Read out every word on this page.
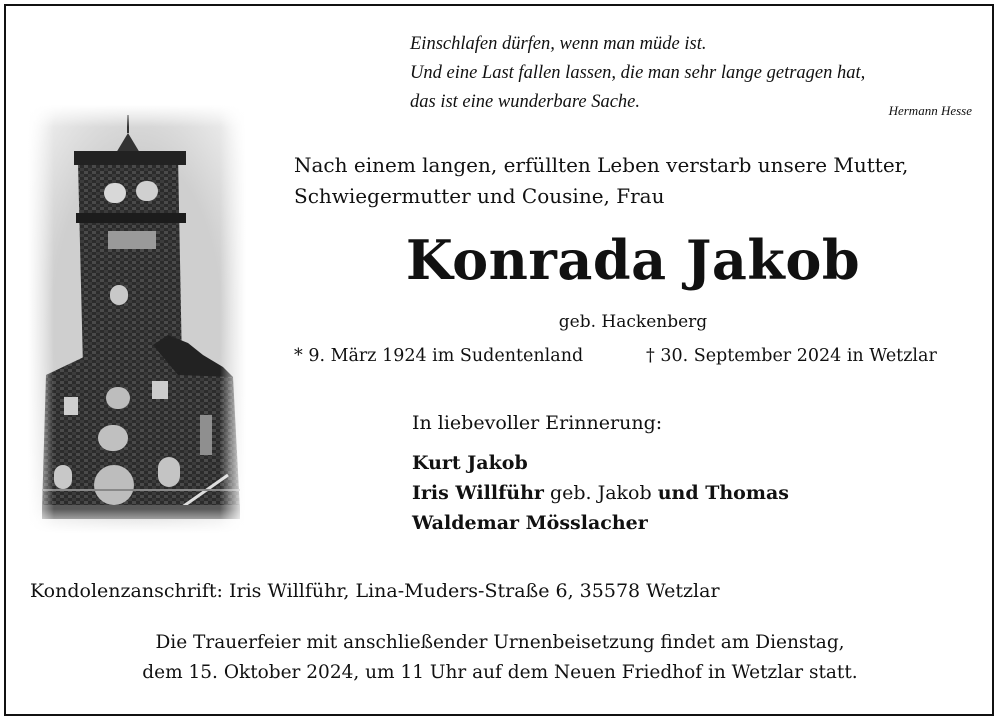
Einschlafen dürfen, wenn man müde ist.
Und eine Last fallen lassen, die man sehr lange getragen hat,
das ist eine wunderbare Sache.	Hermann Hesse
Nach einem langen, erfüllten Leben verstarb unsere Mutter,
Schwiegermutter und Cousine, Frau
Konrada Jakob
geb. Hackenberg
* 9. März 1924 im Sudentenland	† 30. September 2024 in Wetzlar
In liebevoller Erinnerung:
Kurt Jakob
Iris Willführ geb. Jakob und Thomas
Waldemar Mösslacher
Kondolenzanschrift: Iris Willführ, Lina-Muders-Straße 6, 35578 Wetzlar
Die Trauerfeier mit anschließender Urnenbeisetzung findet am Dienstag,
dem 15. Oktober 2024, um 11 Uhr auf dem Neuen Friedhof in Wetzlar statt.
